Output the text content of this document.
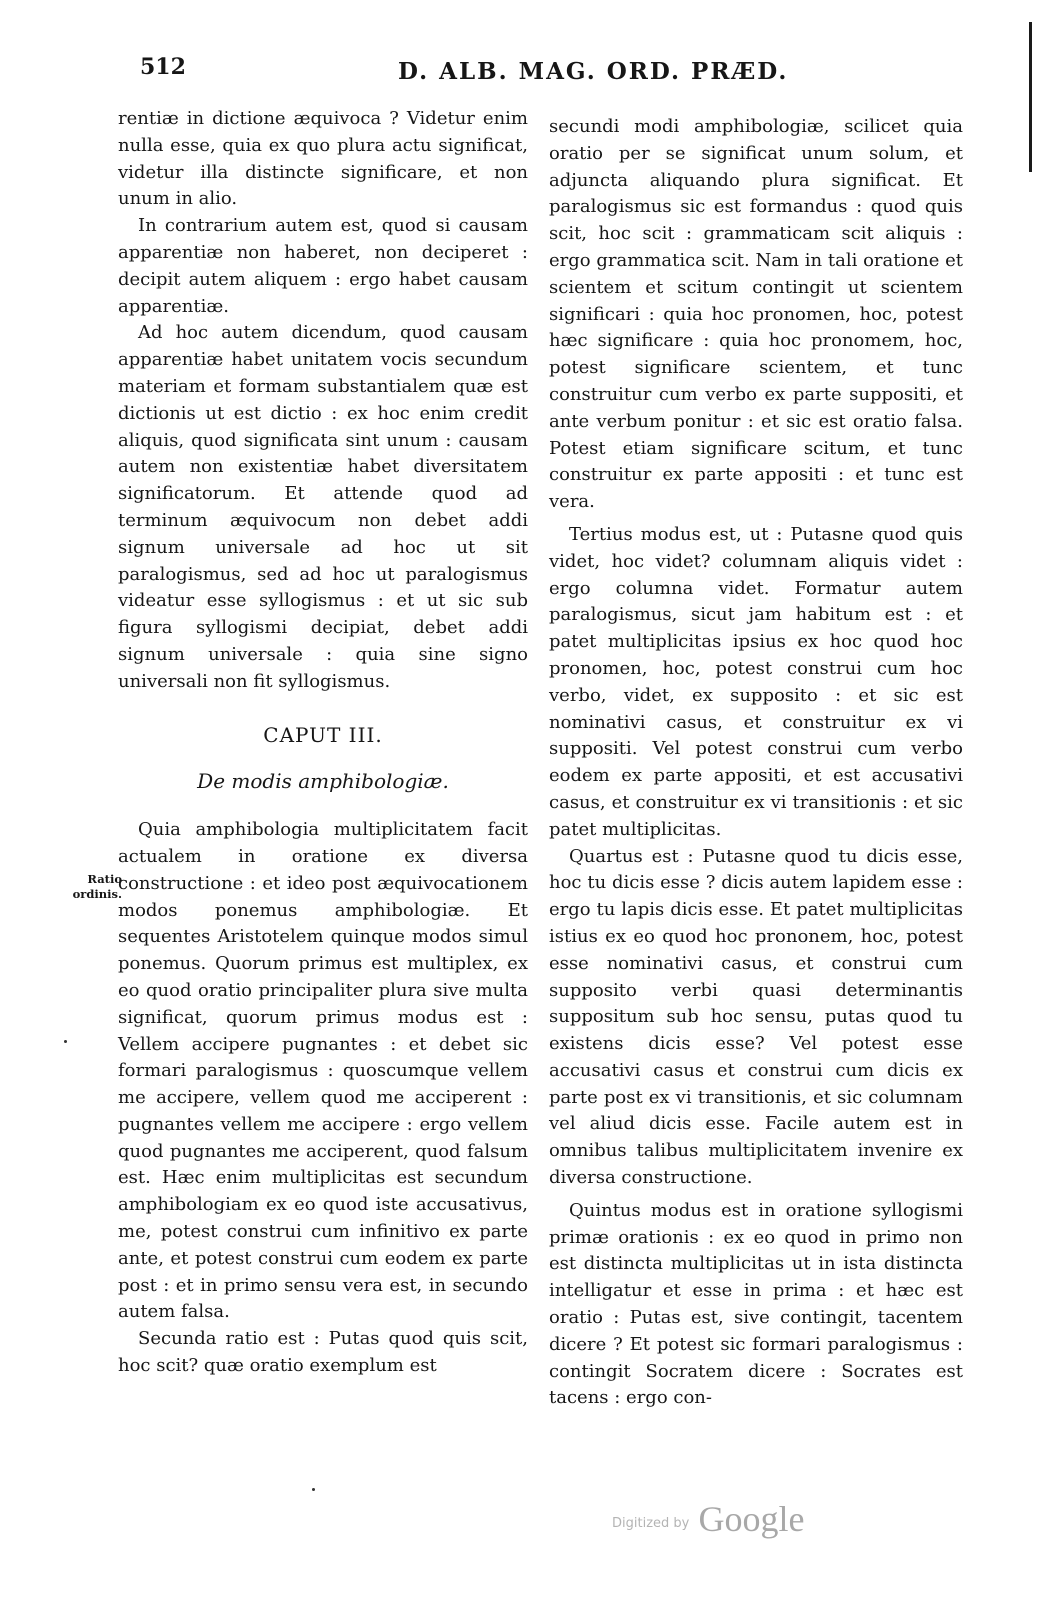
512	D. ALB. MAG. ORD. PRÆD.

rentiæ in dictione æquivoca ? Videtur enim nulla esse, quia ex quo plura actu significat, videtur illa distincte significare, et non unum in alio.

In contrarium autem est, quod si causam apparentiæ non haberet, non deciperet : decipit autem aliquem : ergo habet causam apparentiæ.

Ad hoc autem dicendum, quod causam apparentiæ habet unitatem vocis secundum materiam et formam substantialem quæ est dictionis ut est dictio : ex hoc enim credit aliquis, quod significata sint unum : causam autem non existentiæ habet diversitatem significatorum. Et attende quod ad terminum æquivocum non debet addi signum universale ad hoc ut sit paralogismus, sed ad hoc ut paralogismus videatur esse syllogismus : et ut sic sub figura syllogismi decipiat, debet addi signum universale : quia sine signo universali non fit syllogismus.

CAPUT III.
De modis amphibologiæ.

Quia amphibologia multiplicitatem facit actualem in oratione ex diversa constructione : et ideo post æquivocationem modos ponemus amphibologiæ. Et sequentes Aristotelem quinque modos simul ponemus. Quorum primus est multiplex, ex eo quod oratio principaliter plura sive multa significat, quorum primus modus est : Vellem accipere pugnantes : et debet sic formari paralogismus : quoscumque vellem me accipere, vellem quod me acciperent : pugnantes vellem me accipere : ergo vellem quod pugnantes me acciperent, quod falsum est. Hæc enim multiplicitas est secundum amphibologiam ex eo quod iste accusativus, me, potest construi cum infinitivo ex parte ante, et potest construi cum eodem ex parte post : et in primo sensu vera est, in secundo autem falsa.

Secunda ratio est : Putas quod quis scit, hoc scit? quæ oratio exemplum est

Ratio ordinis.

secundi modi amphibologiæ, scilicet quia oratio per se significat unum solum, et adjuncta aliquando plura significat. Et paralogismus sic est formandus : quod quis scit, hoc scit : grammaticam scit aliquis : ergo grammatica scit. Nam in tali oratione et scientem et scitum contingit ut scientem significari : quia hoc pronomen, hoc, potest hæc significare : quia hoc pronomem, hoc, potest significare scientem, et tunc construitur cum verbo ex parte suppositi, et ante verbum ponitur : et sic est oratio falsa. Potest etiam significare scitum, et tunc construitur ex parte appositi : et tunc est vera.

Tertius modus est, ut : Putasne quod quis videt, hoc videt? columnam aliquis videt : ergo columna videt. Formatur autem paralogismus, sicut jam habitum est : et patet multiplicitas ipsius ex hoc quod hoc pronomen, hoc, potest construi cum hoc verbo, videt, ex supposito : et sic est nominativi casus, et construitur ex vi suppositi. Vel potest construi cum verbo eodem ex parte appositi, et est accusativi casus, et construitur ex vi transitionis : et sic patet multiplicitas.

Quartus est : Putasne quod tu dicis esse, hoc tu dicis esse ? dicis autem lapidem esse : ergo tu lapis dicis esse. Et patet multiplicitas istius ex eo quod hoc prononem, hoc, potest esse nominativi casus, et construi cum supposito verbi quasi determinantis suppositum sub hoc sensu, putas quod tu existens dicis esse? Vel potest esse accusativi casus et construi cum dicis ex parte post ex vi transitionis, et sic columnam vel aliud dicis esse. Facile autem est in omnibus talibus multiplicitatem invenire ex diversa constructione.

Quintus modus est in oratione syllogismi primæ orationis : ex eo quod in primo non est distincta multiplicitas ut in ista distincta intelligatur et esse in prima : et hæc est oratio : Putas est, sive contingit, tacentem dicere ? Et potest sic formari paralogismus : contingit Socratem dicere : Socrates est tacens : ergo con-

$^{Digitized by}$ Google
